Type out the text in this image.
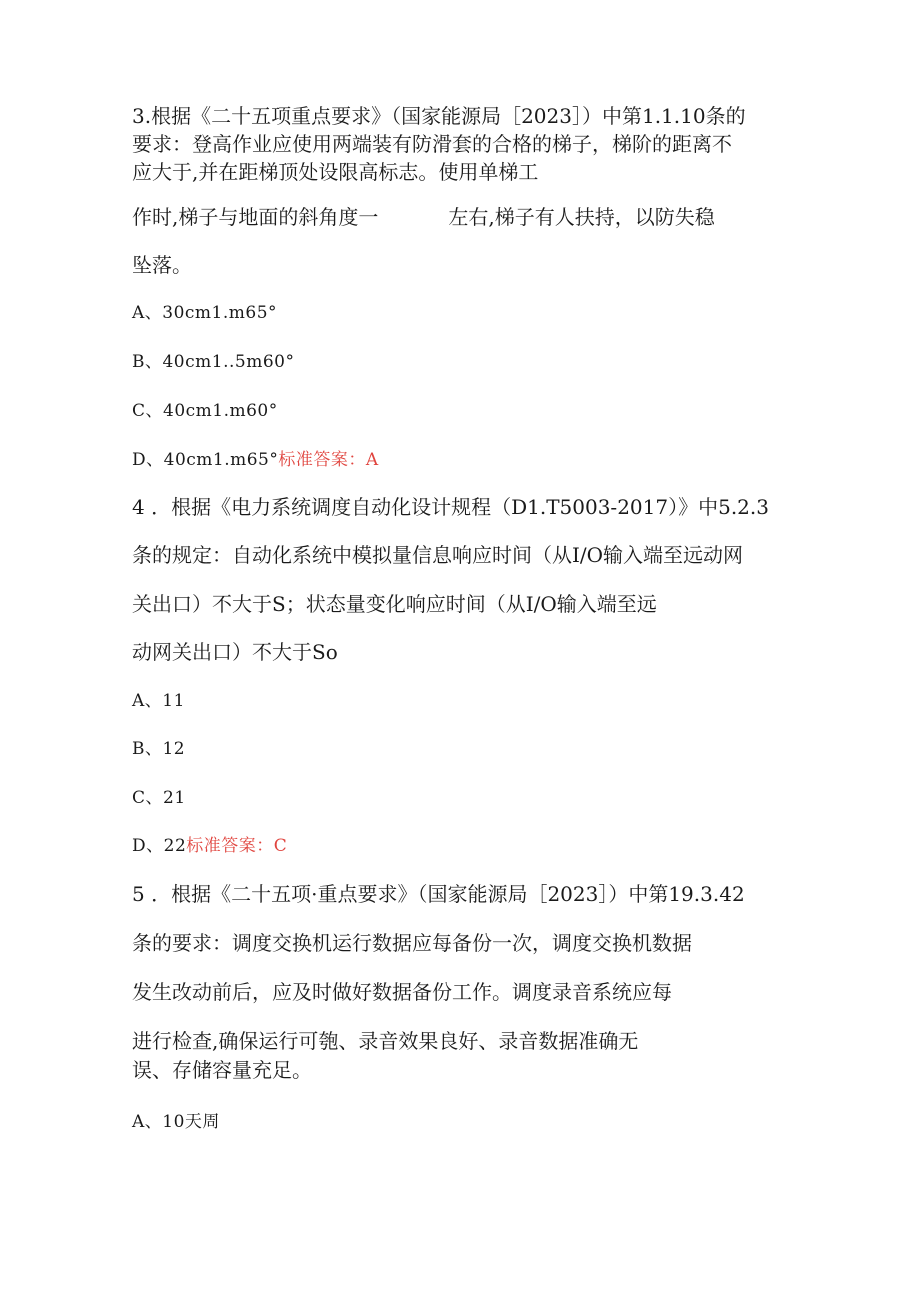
3.根据《二十五项重点要求》（国家能源局［2023］）中第1.1.10条的
要求：登高作业应使用两端装有防滑套的合格的梯子，梯阶的距离不
应大于,并在距梯顶处设限高标志。使用单梯工
作时,梯子与地面的斜角度一	左右,梯子有人扶持，以防失稳
坠落。
A、30cm1.m65°
B、40cm1..5m60°
C、40cm1.m60°
D、40cm1.m65°标准答案：A
4 ．根据《电力系统调度自动化设计规程（D1.T5003-2017）》中5.2.3
条的规定：自动化系统中模拟量信息响应时间（从I/O输入端至远动网
关出口）不大于S；状态量变化响应时间（从I/O输入端至远
动网关出口）不大于So
A、11
B、12
C、21
D、22标准答案：C
5 ．根据《二十五项·重点要求》（国家能源局［2023］）中第19.3.42
条的要求：调度交换机运行数据应每备份一次，调度交换机数据
发生改动前后，应及时做好数据备份工作。调度录音系统应每
进行检查,确保运行可匏、录音效果良好、录音数据准确无
误、存储容量充足。
A、10天周
